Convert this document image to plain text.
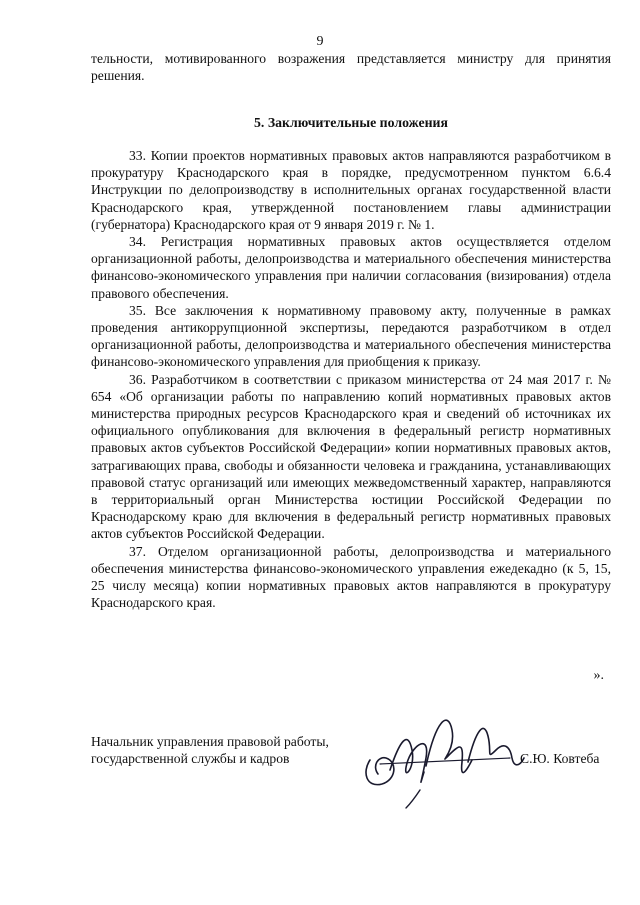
9

тельности, мотивированного возражения представляется министру для принятия решения.

5. Заключительные положения

33. Копии проектов нормативных правовых актов направляются разработчиком в прокуратуру Краснодарского края в порядке, предусмотренном пунктом 6.6.4 Инструкции по делопроизводству в исполнительных органах государственной власти Краснодарского края, утвержденной постановлением главы администрации (губернатора) Краснодарского края от 9 января 2019 г. № 1.

34. Регистрация нормативных правовых актов осуществляется отделом организационной работы, делопроизводства и материального обеспечения министерства финансово-экономического управления при наличии согласования (визирования) отдела правового обеспечения.

35. Все заключения к нормативному правовому акту, полученные в рамках проведения антикоррупционной экспертизы, передаются разработчиком в отдел организационной работы, делопроизводства и материального обеспечения министерства финансово-экономического управления для приобщения к приказу.

36. Разработчиком в соответствии с приказом министерства от 24 мая 2017 г. № 654 «Об организации работы по направлению копий нормативных правовых актов министерства природных ресурсов Краснодарского края и сведений об источниках их официального опубликования для включения в федеральный регистр нормативных правовых актов субъектов Российской Федерации» копии нормативных правовых актов, затрагивающих права, свободы и обязанности человека и гражданина, устанавливающих правовой статус организаций или имеющих межведомственный характер, направляются в территориальный орган Министерства юстиции Российской Федерации по Краснодарскому краю для включения в федеральный регистр нормативных правовых актов субъектов Российской Федерации.

37. Отделом организационной работы, делопроизводства и материального обеспечения министерства финансово-экономического управления ежедекадно (к 5, 15, 25 числу месяца) копии нормативных правовых актов направляются в прокуратуру Краснодарского края.

».
Начальник управления правовой работы,
государственной службы и кадров	С.Ю. Ковтеба
